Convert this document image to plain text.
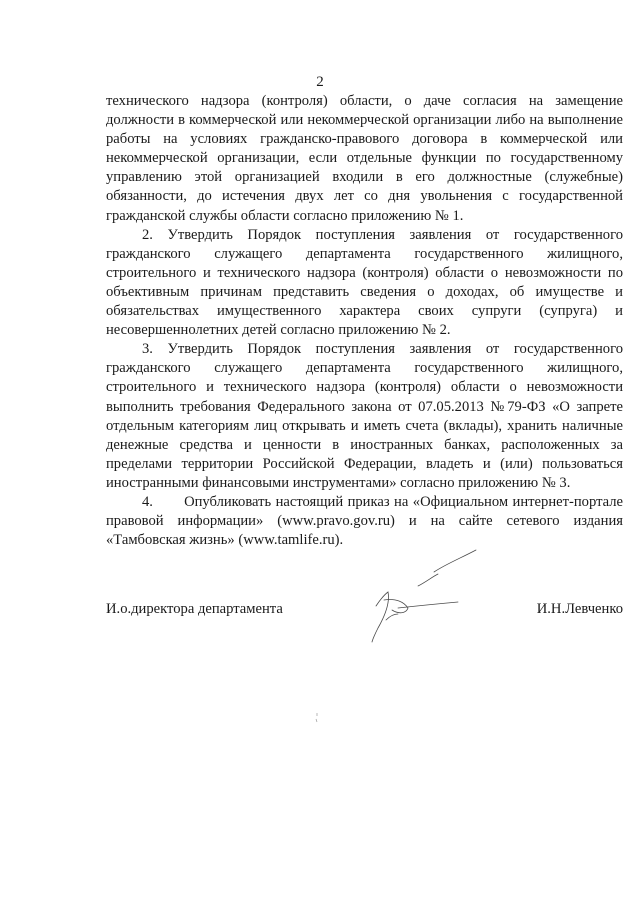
2

технического надзора (контроля) области, о даче согласия на замещение должности в коммерческой или некоммерческой организации либо на выполнение работы на условиях гражданско-правового договора в коммерческой или некоммерческой организации, если отдельные функции по государственному управлению этой организацией входили в его должностные (служебные) обязанности, до истечения двух лет со дня увольнения с государственной гражданской службы области согласно приложению № 1.

2. Утвердить Порядок поступления заявления от государственного гражданского служащего департамента государственного жилищного, строительного и технического надзора (контроля) области о невозможности по объективным причинам представить сведения о доходах, об имуществе и обязательствах имущественного характера своих супруги (супруга) и несовершеннолетних детей согласно приложению № 2.

3. Утвердить Порядок поступления заявления от государственного гражданского служащего департамента государственного жилищного, строительного и технического надзора (контроля) области о невозможности выполнить требования Федерального закона от 07.05.2013 №79-ФЗ «О запрете отдельным категориям лиц открывать и иметь счета (вклады), хранить наличные денежные средства и ценности в иностранных банках, расположенных за пределами территории Российской Федерации, владеть и (или) пользоваться иностранными финансовыми инструментами» согласно приложению № 3.

4.       Опубликовать настоящий приказ на «Официальном интернет-портале правовой информации» (www.pravo.gov.ru) и на сайте сетевого издания «Тамбовская жизнь» (www.tamlife.ru).

И.о.директора департамента	И.Н.Левченко
